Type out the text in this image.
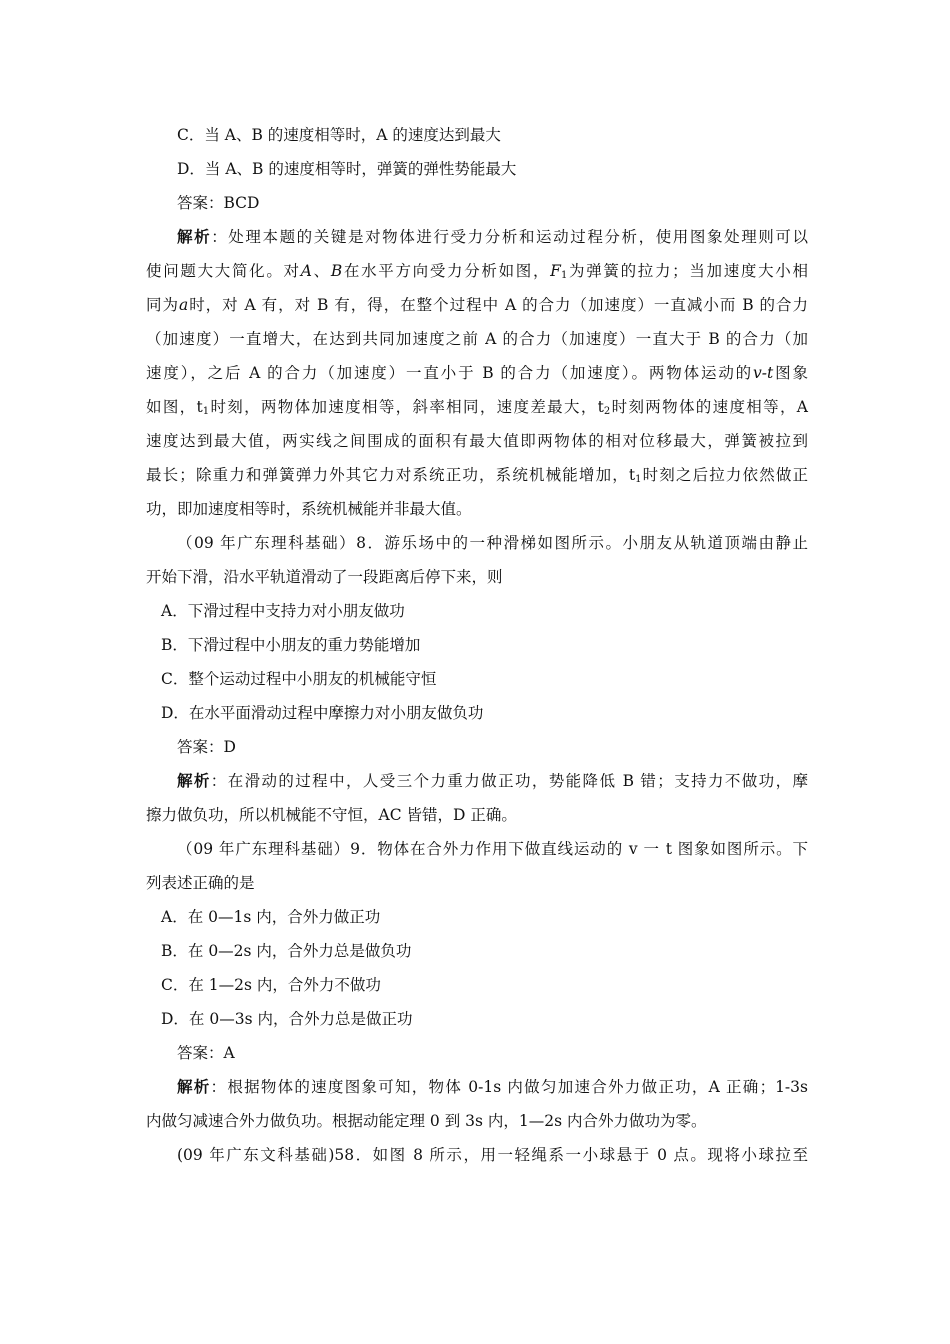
C．当 A、B 的速度相等时，A 的速度达到最大
D．当 A、B 的速度相等时，弹簧的弹性势能最大
答案：BCD
解析：处理本题的关键是对物体进行受力分析和运动过程分析，使用图象处理则可以
使问题大大简化。对A、B在水平方向受力分析如图，$F_1$为弹簧的拉力；当加速度大小相
同为a时，对 A 有，对 B 有，得，在整个过程中 A 的合力（加速度）一直减小而 B 的合力
（加速度）一直增大，在达到共同加速度之前 A 的合力（加速度）一直大于 B 的合力（加
速度），之后 A 的合力（加速度）一直小于 B 的合力（加速度）。两物体运动的v-t图象
如图，$t_1$时刻，两物体加速度相等，斜率相同，速度差最大，$t_2$时刻两物体的速度相等，A
速度达到最大值，两实线之间围成的面积有最大值即两物体的相对位移最大，弹簧被拉到
最长；除重力和弹簧弹力外其它力对系统正功，系统机械能增加，$t_1$时刻之后拉力依然做正
功，即加速度相等时，系统机械能并非最大值。
（09 年广东理科基础）8．游乐场中的一种滑梯如图所示。小朋友从轨道顶端由静止
开始下滑，沿水平轨道滑动了一段距离后停下来，则
A．下滑过程中支持力对小朋友做功
B．下滑过程中小朋友的重力势能增加
C．整个运动过程中小朋友的机械能守恒
D．在水平面滑动过程中摩擦力对小朋友做负功
答案：D
解析：在滑动的过程中，人受三个力重力做正功，势能降低 B 错；支持力不做功，摩
擦力做负功，所以机械能不守恒，AC 皆错，D 正确。
（09 年广东理科基础）9．物体在合外力作用下做直线运动的 v 一 t 图象如图所示。下
列表述正确的是
A．在 0—1s 内，合外力做正功
B．在 0—2s 内，合外力总是做负功
C．在 1—2s 内，合外力不做功
D．在 0—3s 内，合外力总是做正功
答案：A
解析：根据物体的速度图象可知，物体 0-1s 内做匀加速合外力做正功，A 正确；1-3s
内做匀减速合外力做负功。根据动能定理 0 到 3s 内，1—2s 内合外力做功为零。
(09 年广东文科基础)58．如图 8 所示，用一轻绳系一小球悬于 0 点。现将小球拉至
